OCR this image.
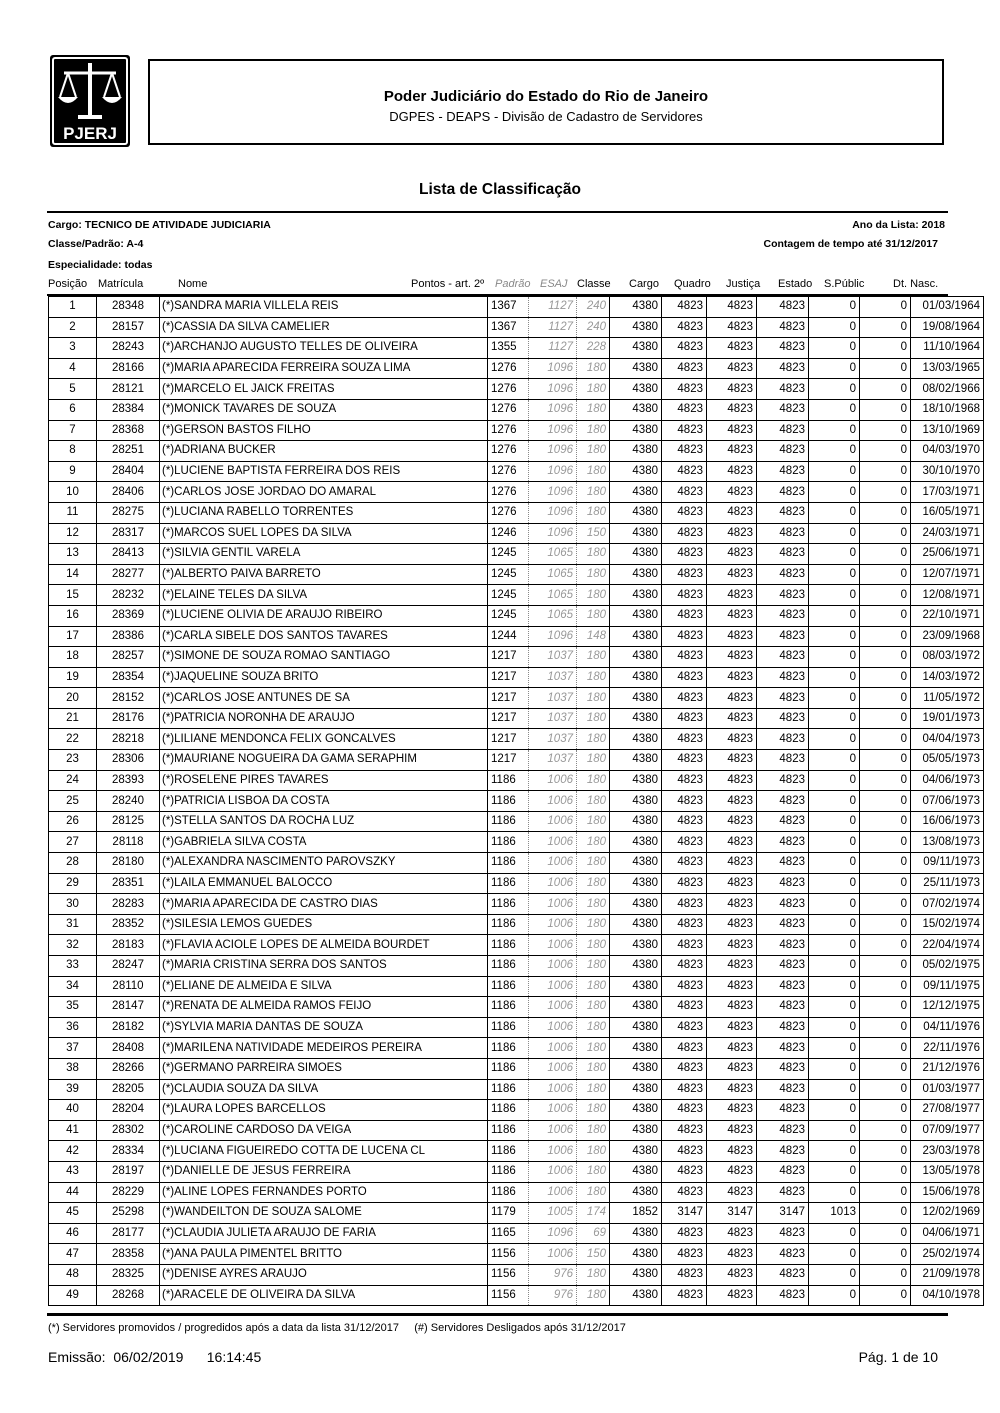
PJERJ
Poder Judiciário do Estado do Rio de Janeiro
DGPES - DEAPS - Divisão de Cadastro de Servidores
Lista de Classificação
Cargo: TECNICO DE ATIVIDADE JUDICIARIA	Ano da Lista: 2018
Classe/Padrão: A-4	Contagem de tempo até 31/12/2017
Especialidade: todas
Posição Matrícula	Nome	Pontos - art. 2º Padrão ESAJ Classe Cargo Quadro Justiça Estado S.Públic	Dt. Nasc.
1	28348	(*)SANDRA MARIA VILLELA REIS	1367	1127	240	4380	4823	4823	4823	0	0	01/03/1964
2	28157	(*)CASSIA DA SILVA CAMELIER	1367	1127	240	4380	4823	4823	4823	0	0	19/08/1964
3	28243	(*)ARCHANJO AUGUSTO TELLES DE OLIVEIRA	1355	1127	228	4380	4823	4823	4823	0	0	11/10/1964
4	28166	(*)MARIA APARECIDA FERREIRA SOUZA LIMA	1276	1096	180	4380	4823	4823	4823	0	0	13/03/1965
5	28121	(*)MARCELO EL JAICK FREITAS	1276	1096	180	4380	4823	4823	4823	0	0	08/02/1966
6	28384	(*)MONICK TAVARES DE SOUZA	1276	1096	180	4380	4823	4823	4823	0	0	18/10/1968
7	28368	(*)GERSON BASTOS FILHO	1276	1096	180	4380	4823	4823	4823	0	0	13/10/1969
8	28251	(*)ADRIANA BUCKER	1276	1096	180	4380	4823	4823	4823	0	0	04/03/1970
9	28404	(*)LUCIENE BAPTISTA FERREIRA DOS REIS	1276	1096	180	4380	4823	4823	4823	0	0	30/10/1970
10	28406	(*)CARLOS JOSE JORDAO DO AMARAL	1276	1096	180	4380	4823	4823	4823	0	0	17/03/1971
11	28275	(*)LUCIANA RABELLO TORRENTES	1276	1096	180	4380	4823	4823	4823	0	0	16/05/1971
12	28317	(*)MARCOS SUEL LOPES DA SILVA	1246	1096	150	4380	4823	4823	4823	0	0	24/03/1971
13	28413	(*)SILVIA GENTIL VARELA	1245	1065	180	4380	4823	4823	4823	0	0	25/06/1971
14	28277	(*)ALBERTO PAIVA BARRETO	1245	1065	180	4380	4823	4823	4823	0	0	12/07/1971
15	28232	(*)ELAINE TELES DA SILVA	1245	1065	180	4380	4823	4823	4823	0	0	12/08/1971
16	28369	(*)LUCIENE OLIVIA DE ARAUJO RIBEIRO	1245	1065	180	4380	4823	4823	4823	0	0	22/10/1971
17	28386	(*)CARLA SIBELE DOS SANTOS TAVARES	1244	1096	148	4380	4823	4823	4823	0	0	23/09/1968
18	28257	(*)SIMONE DE SOUZA ROMAO SANTIAGO	1217	1037	180	4380	4823	4823	4823	0	0	08/03/1972
19	28354	(*)JAQUELINE SOUZA BRITO	1217	1037	180	4380	4823	4823	4823	0	0	14/03/1972
20	28152	(*)CARLOS JOSE ANTUNES DE SA	1217	1037	180	4380	4823	4823	4823	0	0	11/05/1972
21	28176	(*)PATRICIA NORONHA DE ARAUJO	1217	1037	180	4380	4823	4823	4823	0	0	19/01/1973
22	28218	(*)LILIANE MENDONCA FELIX GONCALVES	1217	1037	180	4380	4823	4823	4823	0	0	04/04/1973
23	28306	(*)MAURIANE NOGUEIRA DA GAMA SERAPHIM	1217	1037	180	4380	4823	4823	4823	0	0	05/05/1973
24	28393	(*)ROSELENE PIRES TAVARES	1186	1006	180	4380	4823	4823	4823	0	0	04/06/1973
25	28240	(*)PATRICIA LISBOA DA COSTA	1186	1006	180	4380	4823	4823	4823	0	0	07/06/1973
26	28125	(*)STELLA SANTOS DA ROCHA LUZ	1186	1006	180	4380	4823	4823	4823	0	0	16/06/1973
27	28118	(*)GABRIELA SILVA COSTA	1186	1006	180	4380	4823	4823	4823	0	0	13/08/1973
28	28180	(*)ALEXANDRA NASCIMENTO PAROVSZKY	1186	1006	180	4380	4823	4823	4823	0	0	09/11/1973
29	28351	(*)LAILA EMMANUEL BALOCCO	1186	1006	180	4380	4823	4823	4823	0	0	25/11/1973
30	28283	(*)MARIA APARECIDA DE CASTRO DIAS	1186	1006	180	4380	4823	4823	4823	0	0	07/02/1974
31	28352	(*)SILESIA LEMOS GUEDES	1186	1006	180	4380	4823	4823	4823	0	0	15/02/1974
32	28183	(*)FLAVIA ACIOLE LOPES DE ALMEIDA BOURDET	1186	1006	180	4380	4823	4823	4823	0	0	22/04/1974
33	28247	(*)MARIA CRISTINA SERRA DOS SANTOS	1186	1006	180	4380	4823	4823	4823	0	0	05/02/1975
34	28110	(*)ELIANE DE ALMEIDA E SILVA	1186	1006	180	4380	4823	4823	4823	0	0	09/11/1975
35	28147	(*)RENATA DE ALMEIDA RAMOS FEIJO	1186	1006	180	4380	4823	4823	4823	0	0	12/12/1975
36	28182	(*)SYLVIA MARIA DANTAS DE SOUZA	1186	1006	180	4380	4823	4823	4823	0	0	04/11/1976
37	28408	(*)MARILENA NATIVIDADE MEDEIROS PEREIRA	1186	1006	180	4380	4823	4823	4823	0	0	22/11/1976
38	28266	(*)GERMANO PARREIRA SIMOES	1186	1006	180	4380	4823	4823	4823	0	0	21/12/1976
39	28205	(*)CLAUDIA SOUZA DA SILVA	1186	1006	180	4380	4823	4823	4823	0	0	01/03/1977
40	28204	(*)LAURA LOPES BARCELLOS	1186	1006	180	4380	4823	4823	4823	0	0	27/08/1977
41	28302	(*)CAROLINE CARDOSO DA VEIGA	1186	1006	180	4380	4823	4823	4823	0	0	07/09/1977
42	28334	(*)LUCIANA FIGUEIREDO COTTA DE LUCENA CL	1186	1006	180	4380	4823	4823	4823	0	0	23/03/1978
43	28197	(*)DANIELLE DE JESUS FERREIRA	1186	1006	180	4380	4823	4823	4823	0	0	13/05/1978
44	28229	(*)ALINE LOPES FERNANDES PORTO	1186	1006	180	4380	4823	4823	4823	0	0	15/06/1978
45	25298	(*)WANDEILTON DE SOUZA SALOME	1179	1005	174	1852	3147	3147	3147	1013	0	12/02/1969
46	28177	(*)CLAUDIA JULIETA ARAUJO DE FARIA	1165	1096	69	4380	4823	4823	4823	0	0	04/06/1971
47	28358	(*)ANA PAULA PIMENTEL BRITTO	1156	1006	150	4380	4823	4823	4823	0	0	25/02/1974
48	28325	(*)DENISE AYRES ARAUJO	1156	976	180	4380	4823	4823	4823	0	0	21/09/1978
49	28268	(*)ARACELE DE OLIVEIRA DA SILVA	1156	976	180	4380	4823	4823	4823	0	0	04/10/1978
(*) Servidores promovidos / progredidos após a data da lista 31/12/2017     (#) Servidores Desligados após 31/12/2017
Emissão:  06/02/2019      16:14:45	Pág. 1 de 10
